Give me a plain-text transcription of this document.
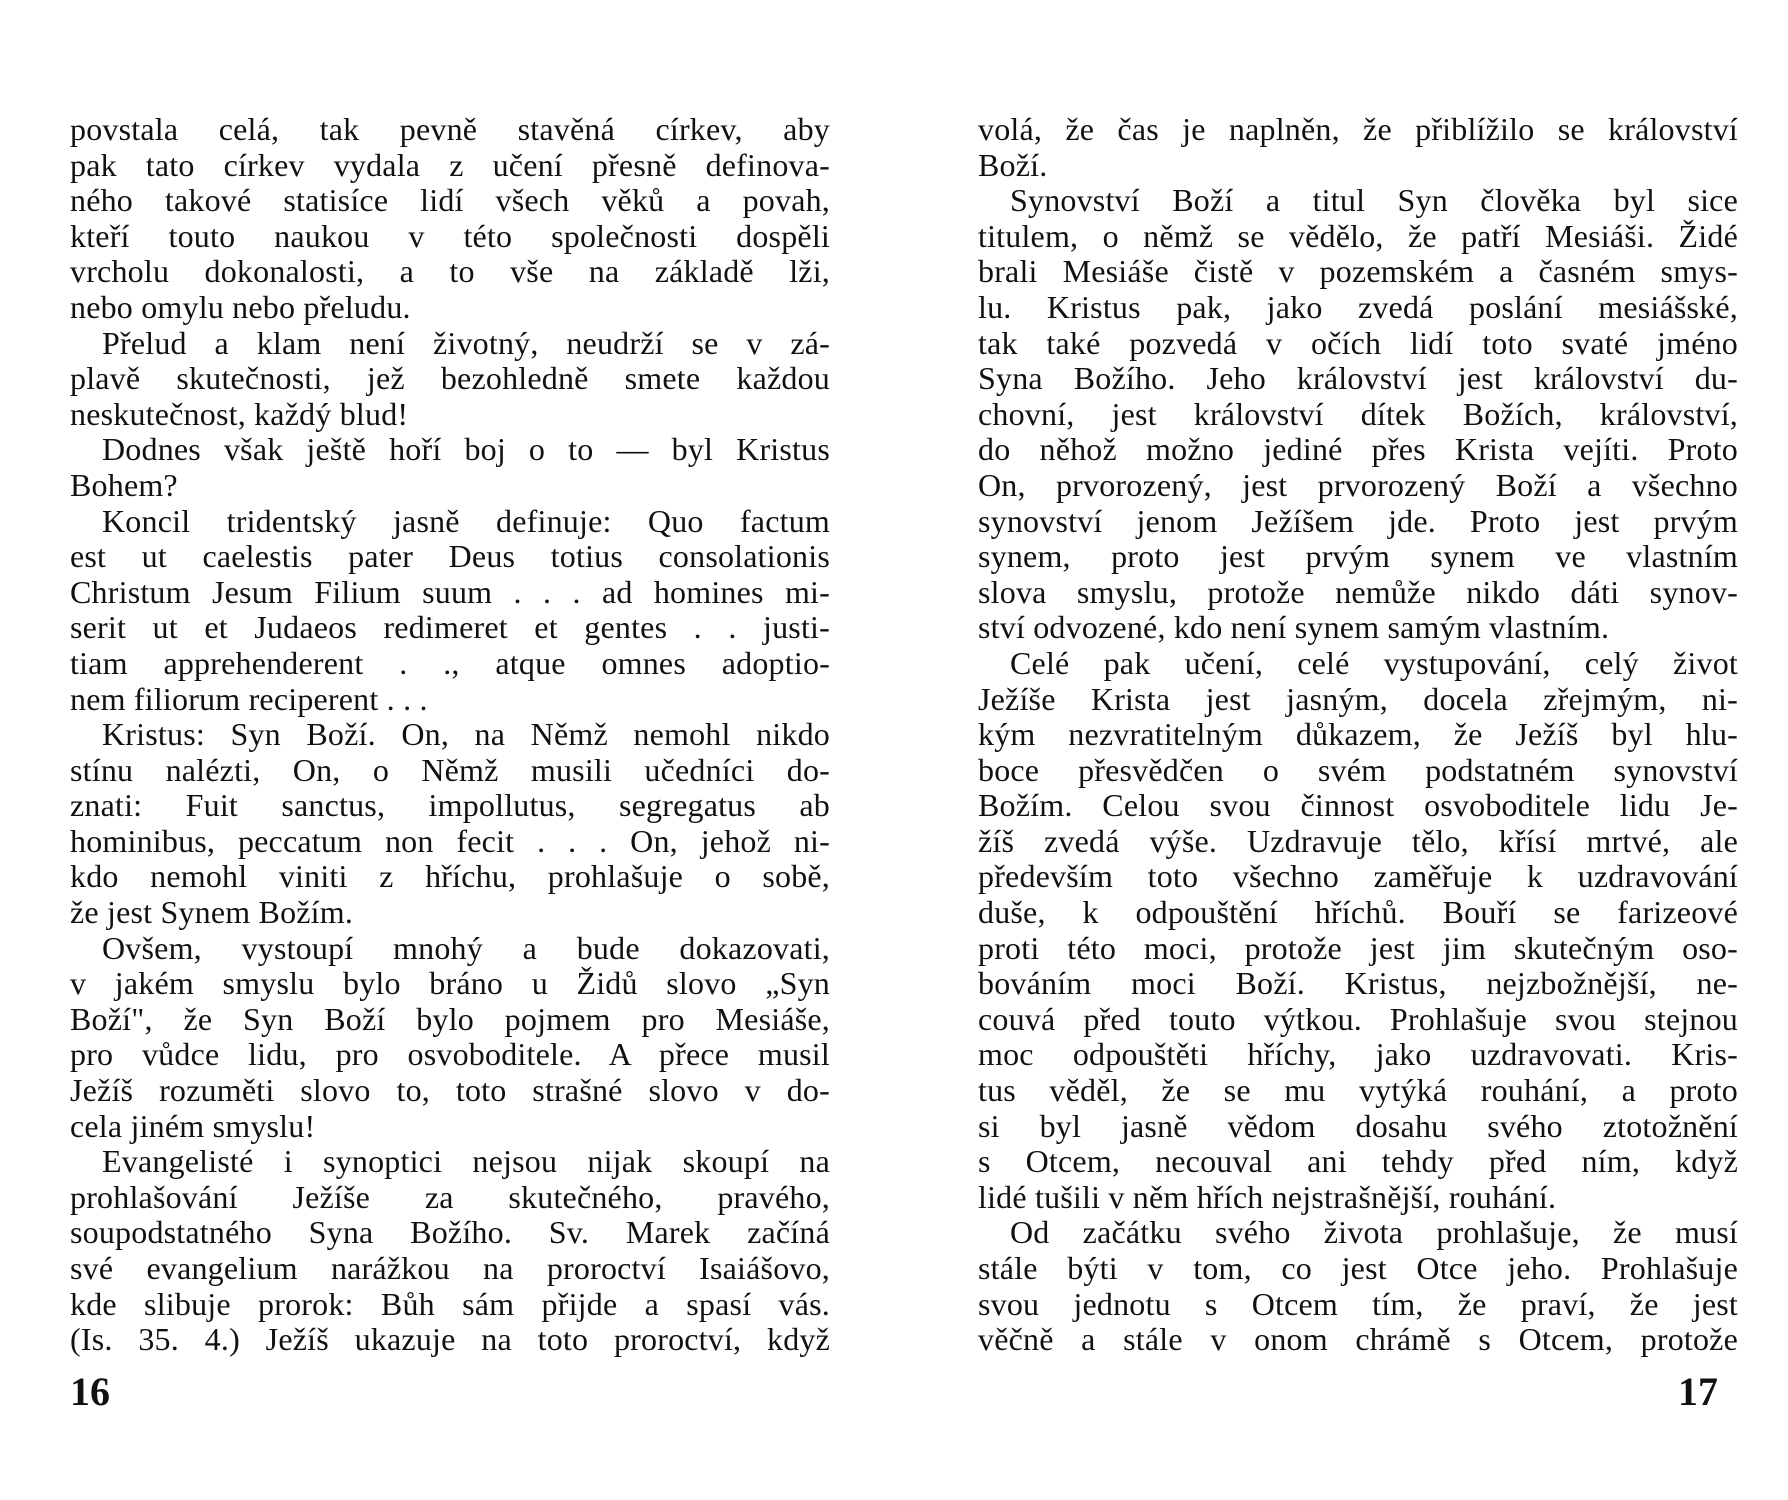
povstala celá, tak pevně stavěná církev, aby
pak tato církev vydala z učení přesně definova-
ného takové statisíce lidí všech věků a povah,
kteří touto naukou v této společnosti dospěli
vrcholu dokonalosti, a to vše na základě lži,
nebo omylu nebo přeludu.
Přelud a klam není životný, neudrží se v zá-
plavě skutečnosti, jež bezohledně smete každou
neskutečnost, každý blud!
Dodnes však ještě hoří boj o to — byl Kristus
Bohem?
Koncil tridentský jasně definuje: Quo factum
est ut caelestis pater Deus totius consolationis
Christum Jesum Filium suum . . . ad homines mi-
serit ut et Judaeos redimeret et gentes . . justi-
tiam apprehenderent . ., atque omnes adoptio-
nem filiorum reciperent . . .
Kristus: Syn Boží. On, na Němž nemohl nikdo
stínu nalézti, On, o Němž musili učedníci do-
znati: Fuit sanctus, impollutus, segregatus ab
hominibus, peccatum non fecit . . . On, jehož ni-
kdo nemohl viniti z hříchu, prohlašuje o sobě,
že jest Synem Božím.
Ovšem, vystoupí mnohý a bude dokazovati,
v jakém smyslu bylo bráno u Židů slovo „Syn
Boží", že Syn Boží bylo pojmem pro Mesiáše,
pro vůdce lidu, pro osvoboditele. A přece musil
Ježíš rozuměti slovo to, toto strašné slovo v do-
cela jiném smyslu!
Evangelisté i synoptici nejsou nijak skoupí na
prohlašování Ježíše za skutečného, pravého,
soupodstatného Syna Božího. Sv. Marek začíná
své evangelium narážkou na proroctví Isaiášovo,
kde slibuje prorok: Bůh sám přijde a spasí vás.
(Is. 35. 4.) Ježíš ukazuje na toto proroctví, když
16
volá, že čas je naplněn, že přiblížilo se království
Boží.
Synovství Boží a titul Syn člověka byl sice
titulem, o němž se vědělo, že patří Mesiáši. Židé
brali Mesiáše čistě v pozemském a časném smys-
lu. Kristus pak, jako zvedá poslání mesiášské,
tak také pozvedá v očích lidí toto svaté jméno
Syna Božího. Jeho království jest království du-
chovní, jest království dítek Božích, království,
do něhož možno jediné přes Krista vejíti. Proto
On, prvorozený, jest prvorozený Boží a všechno
synovství jenom Ježíšem jde. Proto jest prvým
synem, proto jest prvým synem ve vlastním
slova smyslu, protože nemůže nikdo dáti synov-
ství odvozené, kdo není synem samým vlastním.
Celé pak učení, celé vystupování, celý život
Ježíše Krista jest jasným, docela zřejmým, ni-
kým nezvratitelným důkazem, že Ježíš byl hlu-
boce přesvědčen o svém podstatném synovství
Božím. Celou svou činnost osvoboditele lidu Je-
žíš zvedá výše. Uzdravuje tělo, křísí mrtvé, ale
především toto všechno zaměřuje k uzdravování
duše, k odpouštění hříchů. Bouří se farizeové
proti této moci, protože jest jim skutečným oso-
bováním moci Boží. Kristus, nejzbožnější, ne-
couvá před touto výtkou. Prohlašuje svou stejnou
moc odpouštěti hříchy, jako uzdravovati. Kris-
tus věděl, že se mu vytýká rouhání, a proto
si byl jasně vědom dosahu svého ztotožnění
s Otcem, necouval ani tehdy před ním, když
lidé tušili v něm hřích nejstrašnější, rouhání.
Od začátku svého života prohlašuje, že musí
stále býti v tom, co jest Otce jeho. Prohlašuje
svou jednotu s Otcem tím, že praví, že jest
věčně a stále v onom chrámě s Otcem, protože
17
